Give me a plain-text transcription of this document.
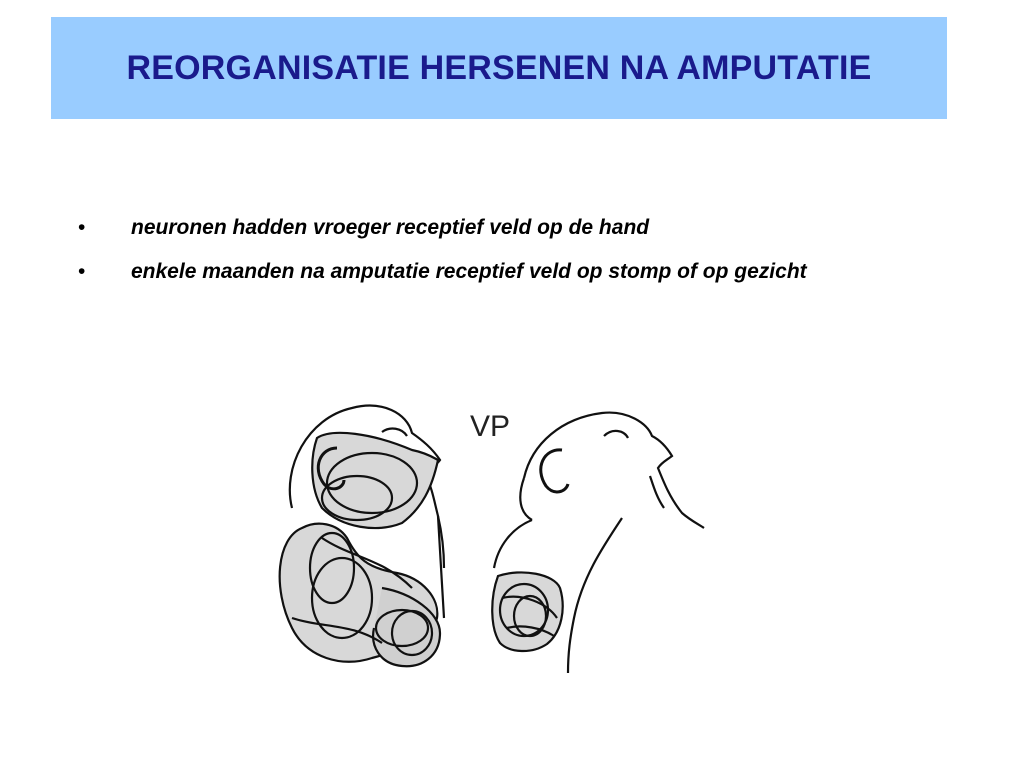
REORGANISATIE HERSENEN NA AMPUTATIE
• neuronen hadden vroeger receptief veld op de hand
• enkele maanden na amputatie receptief veld op stomp of op gezicht
VP
